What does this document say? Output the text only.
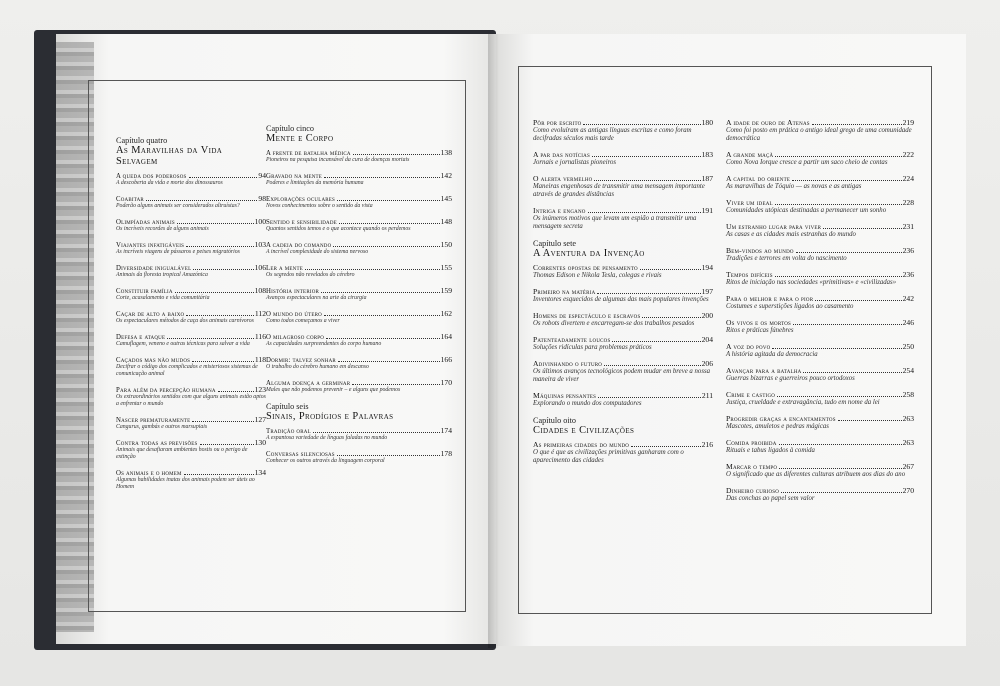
Capítulo quatro
As Maravilhas da Vida Selvagem
A queda dos poderosos	94
A descoberta da vida e morte dos dinossauros
Coabitar	98
Poderão alguns animais ser considerados altruístas?
Olimpíadas animais	100
Os incríveis recordes de alguns animais
Viajantes infatigáveis	103
As incríveis viagens de pássaros e peixes migratórios
Diversidade inigualável	106
Animais da floresta tropical Amazónica
Constituir família	108
Corte, acasalamento e vida comunitária
Caçar de alto a baixo	112
Os espectaculares métodos de caça dos animais carnívoros
Defesa e ataque	116
Camuflagem, veneno e outras técnicas para salvar a vida
Caçados mas não mudos	118
Decifrar o código dos complicados e misteriosos sistemas de comunicação animal
Para além da percepção humana	123
Os extraordinários sentidos com que alguns animais estão aptos a enfrentar o mundo
Nascer prematuramente	127
Cangurus, gambás e outros marsupiais
Contra todas as previsões	130
Animais que desafiaram ambientes hostis ou o perigo de extinção
Os animais e o homem	134
Algumas habilidades inatas dos animais podem ser úteis ao Homem
Capítulo cinco
Mente e Corpo
A frente de batalha médica	138
Pioneiros na pesquisa incansável da cura de doenças mortais
Gravado na mente	142
Poderes e limitações da memória humana
Explorações oculares	145
Novos conhecimentos sobre o sentido da vista
Sentido e sensibilidade	148
Quantos sentidos temos e o que acontece quando os perdemos
A cadeia do comando	150
A incrível complexidade do sistema nervoso
Ler a mente	155
Os segredos não revelados do cérebro
História interior	159
Avanços espectaculares na arte da cirurgia
O mundo do útero	162
Como todos começamos a viver
O milagroso corpo	164
As capacidades surpreendentes do corpo humano
Dormir: talvez sonhar	166
O trabalho do cérebro humano em descanso
Alguma doença a germinar	170
Males que não podemos prevenir – e alguns que podemos
Capítulo seis
Sinais, Prodígios e Palavras
Tradição oral	174
A espantosa variedade de línguas faladas no mundo
Conversas silenciosas	178
Conhecer os outros através da linguagem corporal
Pôr por escrito	180
Como evoluíram as antigas línguas escritas e como foram decifradas séculos mais tarde
A par das notícias	183
Jornais e jornalistas pioneiros
O alerta vermelho	187
Maneiras engenhosas de transmitir uma mensagem importante através de grandes distâncias
Intriga e engano	191
Os inúmeros motivos que levam um espião a transmitir uma mensagem secreta
Capítulo sete
A Aventura da Invenção
Correntes opostas de pensamento	194
Thomas Edison e Nikola Tesla, colegas e rivais
Primeiro na matéria	197
Inventores esquecidos de algumas das mais populares invenções
Homens de espectáculo e escravos	200
Os robots divertem e encarregam-se dos trabalhos pesados
Patenteadamente loucos	204
Soluções ridículas para problemas práticos
Adivinhando o futuro	206
Os últimos avanços tecnológicos podem mudar em breve a nossa maneira de viver
Máquinas pensantes	211
Explorando o mundo dos computadores
Capítulo oito
Cidades e Civilizações
As primeiras cidades do mundo	216
O que é que as civilizações primitivas ganharam com o aparecimento das cidades
A idade de ouro de Atenas	219
Como foi posto em prática o antigo ideal grego de uma comunidade democrática
A grande maçã	222
Como Nova Iorque cresce a partir um saco cheio de contas
A capital do oriente	224
As maravilhas de Tóquio — as novas e as antigas
Viver um ideal	228
Comunidades utópicas destinadas a permanecer um sonho
Um estranho lugar para viver	231
As casas e as cidades mais estranhas do mundo
Bem-vindos ao mundo	236
Tradições e terrores em volta do nascimento
Tempos difíceis	236
Ritos de iniciação nas sociedades «primitivas» e «civilizadas»
Para o melhor e para o pior	242
Costumes e superstições ligados ao casamento
Os vivos e os mortos	246
Ritos e práticas fúnebres
A voz do povo	250
A história agitada da democracia
Avançar para a batalha	254
Guerras bizarras e guerreiros pouco ortodoxos
Crime e castigo	258
Justiça, crueldade e extravagância, tudo em nome da lei
Progredir graças a encantamentos	263
Mascotes, amuletos e pedras mágicas
Comida proibida	263
Rituais e tabus ligados à comida
Marcar o tempo	267
O significado que as diferentes culturas atribuem aos dias do ano
Dinheiro curioso	270
Das conchas ao papel sem valor
